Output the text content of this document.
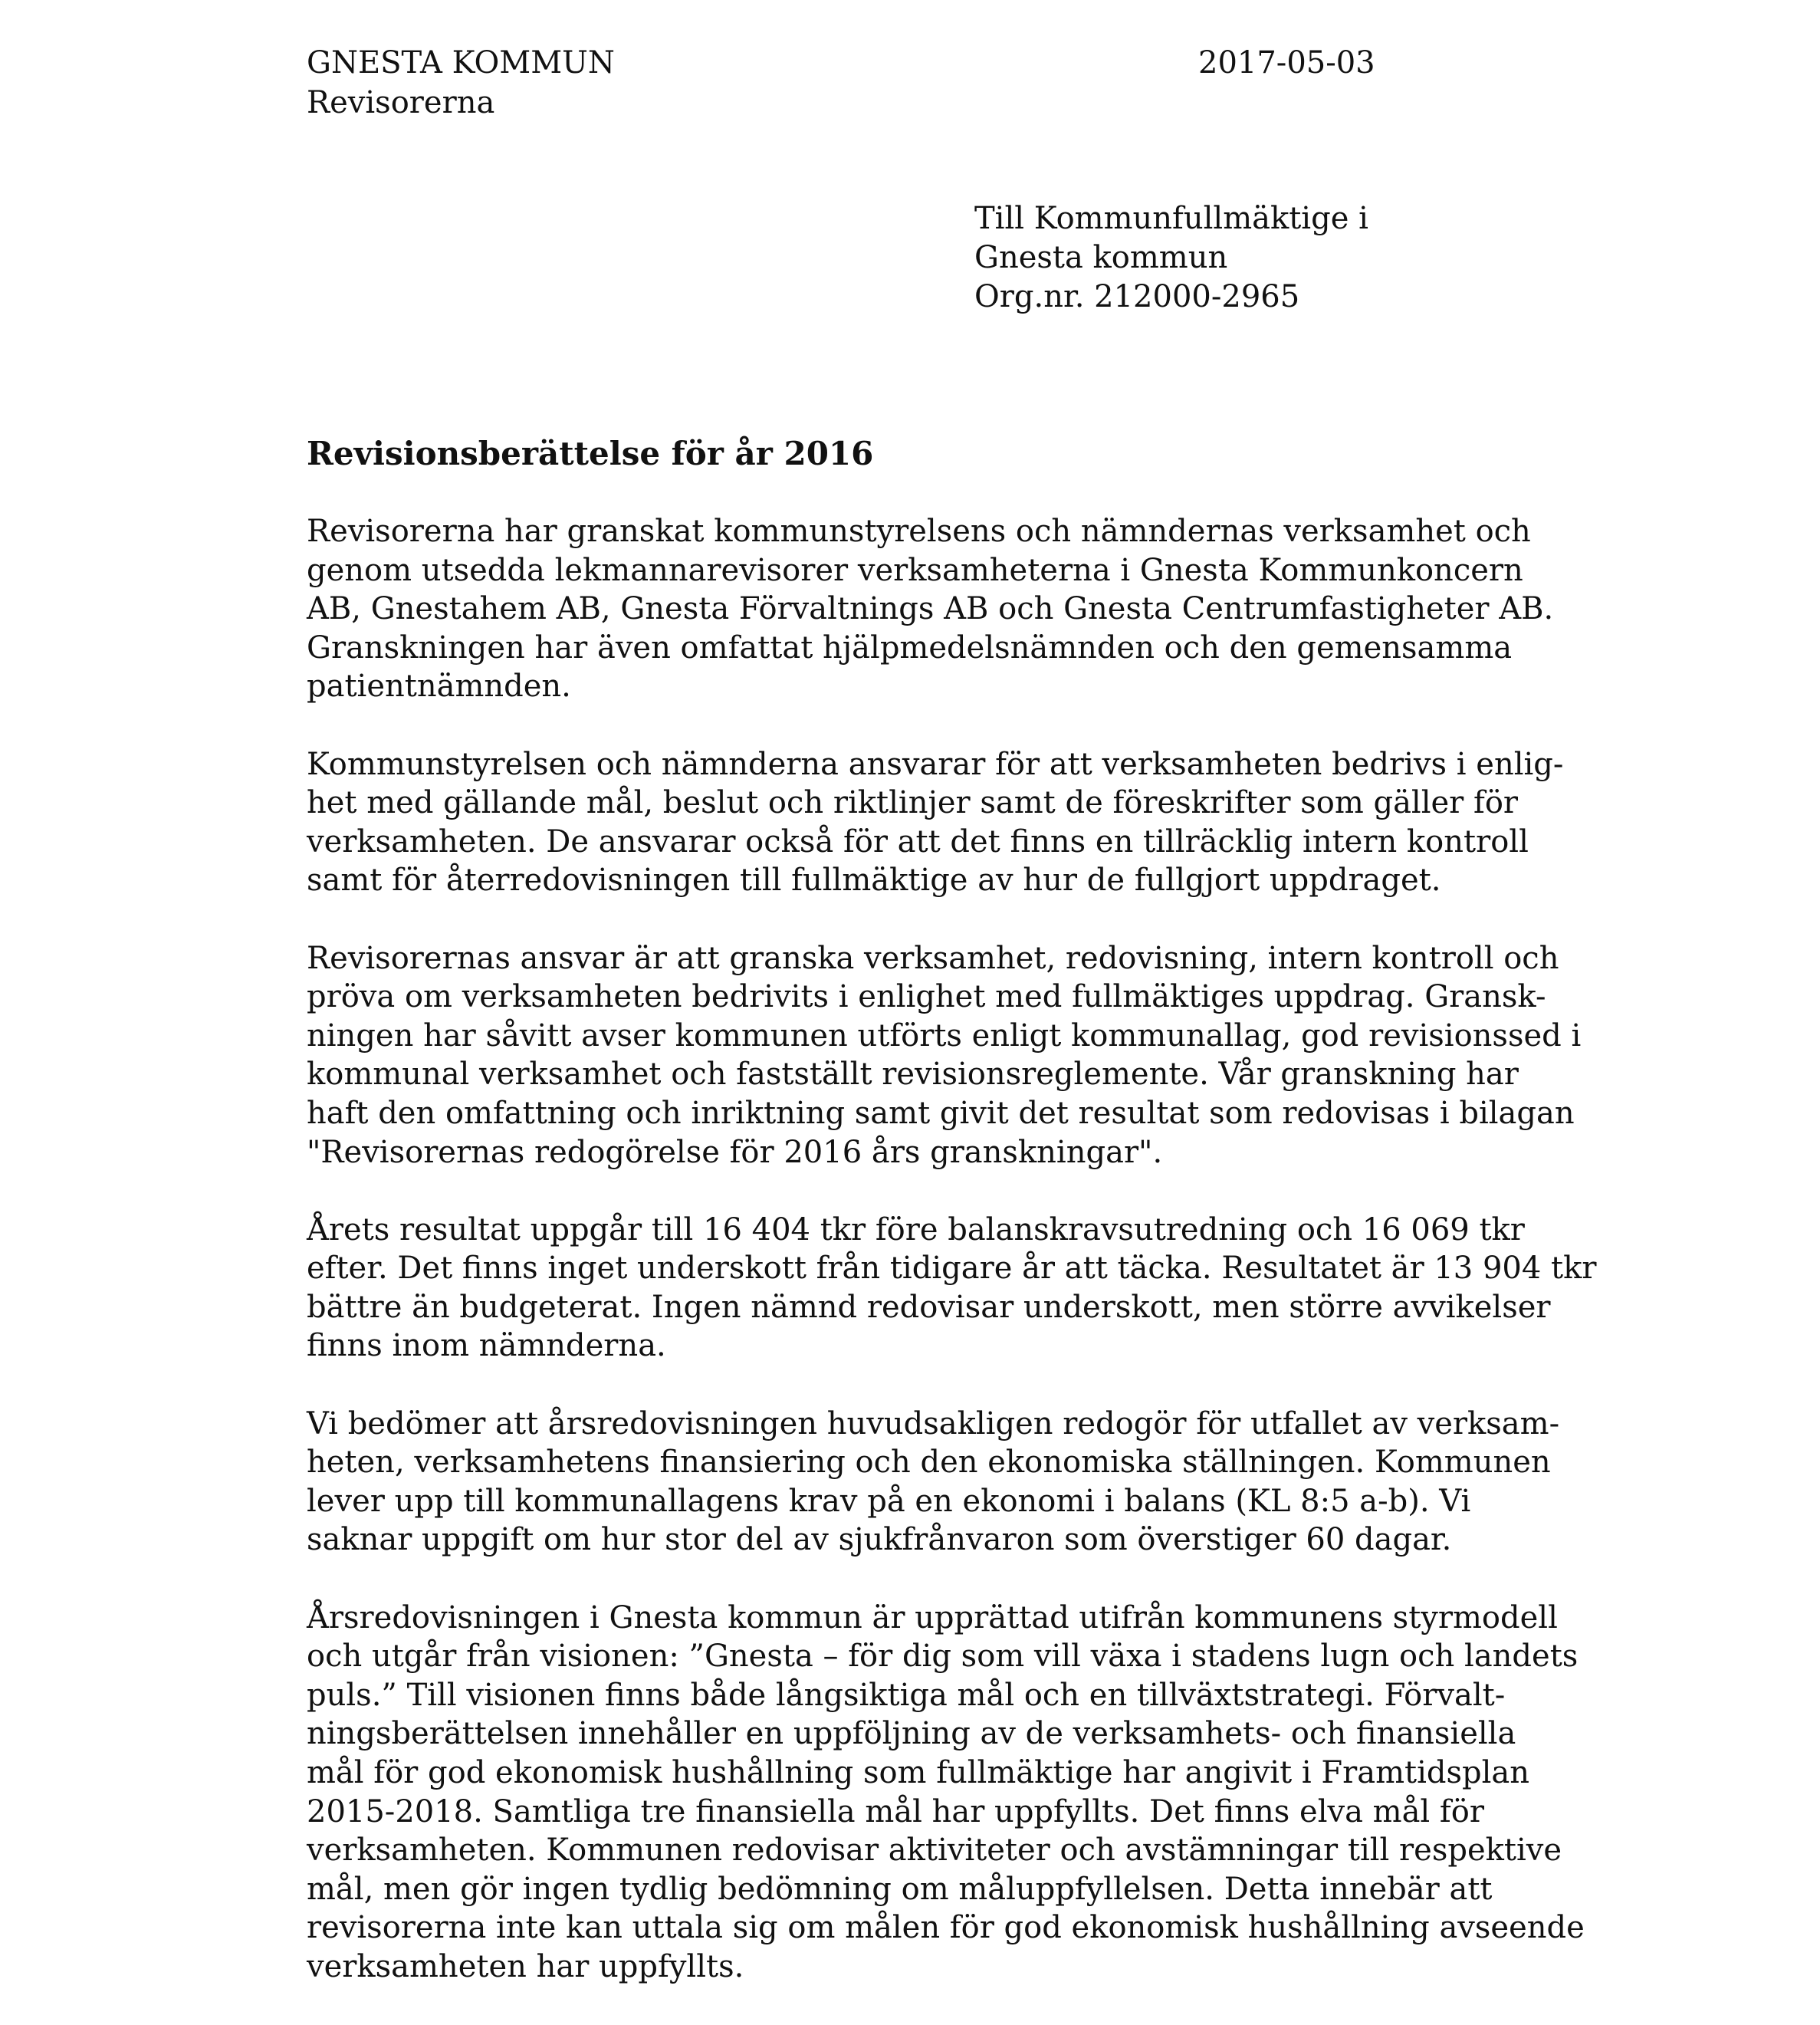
GNESTA KOMMUN
Revisorerna
2017-05-03
Till Kommunfullmäktige i
Gnesta kommun
Org.nr. 212000-2965
Revisionsberättelse för år 2016

Revisorerna har granskat kommunstyrelsens och nämndernas verksamhet och
genom utsedda lekmannarevisorer verksamheterna i Gnesta Kommunkoncern
AB, Gnestahem AB, Gnesta Förvaltnings AB och Gnesta Centrumfastigheter AB.
Granskningen har även omfattat hjälpmedelsnämnden och den gemensamma
patientnämnden.

Kommunstyrelsen och nämnderna ansvarar för att verksamheten bedrivs i enlig-
het med gällande mål, beslut och riktlinjer samt de föreskrifter som gäller för
verksamheten. De ansvarar också för att det finns en tillräcklig intern kontroll
samt för återredovisningen till fullmäktige av hur de fullgjort uppdraget.

Revisorernas ansvar är att granska verksamhet, redovisning, intern kontroll och
pröva om verksamheten bedrivits i enlighet med fullmäktiges uppdrag. Gransk-
ningen har såvitt avser kommunen utförts enligt kommunallag, god revisionssed i
kommunal verksamhet och fastställt revisionsreglemente. Vår granskning har
haft den omfattning och inriktning samt givit det resultat som redovisas i bilagan
"Revisorernas redogörelse för 2016 års granskningar".

Årets resultat uppgår till 16 404 tkr före balanskravsutredning och 16 069 tkr
efter. Det finns inget underskott från tidigare år att täcka. Resultatet är 13 904 tkr
bättre än budgeterat. Ingen nämnd redovisar underskott, men större avvikelser
finns inom nämnderna.

Vi bedömer att årsredovisningen huvudsakligen redogör för utfallet av verksam-
heten, verksamhetens finansiering och den ekonomiska ställningen. Kommunen
lever upp till kommunallagens krav på en ekonomi i balans (KL 8:5 a-b). Vi
saknar uppgift om hur stor del av sjukfrånvaron som överstiger 60 dagar.

Årsredovisningen i Gnesta kommun är upprättad utifrån kommunens styrmodell
och utgår från visionen: ”Gnesta – för dig som vill växa i stadens lugn och landets
puls.” Till visionen finns både långsiktiga mål och en tillväxtstrategi. Förvalt-
ningsberättelsen innehåller en uppföljning av de verksamhets- och finansiella
mål för god ekonomisk hushållning som fullmäktige har angivit i Framtidsplan
2015-2018. Samtliga tre finansiella mål har uppfyllts. Det finns elva mål för
verksamheten. Kommunen redovisar aktiviteter och avstämningar till respektive
mål, men gör ingen tydlig bedömning om måluppfyllelsen. Detta innebär att
revisorerna inte kan uttala sig om målen för god ekonomisk hushållning avseende
verksamheten har uppfyllts.
